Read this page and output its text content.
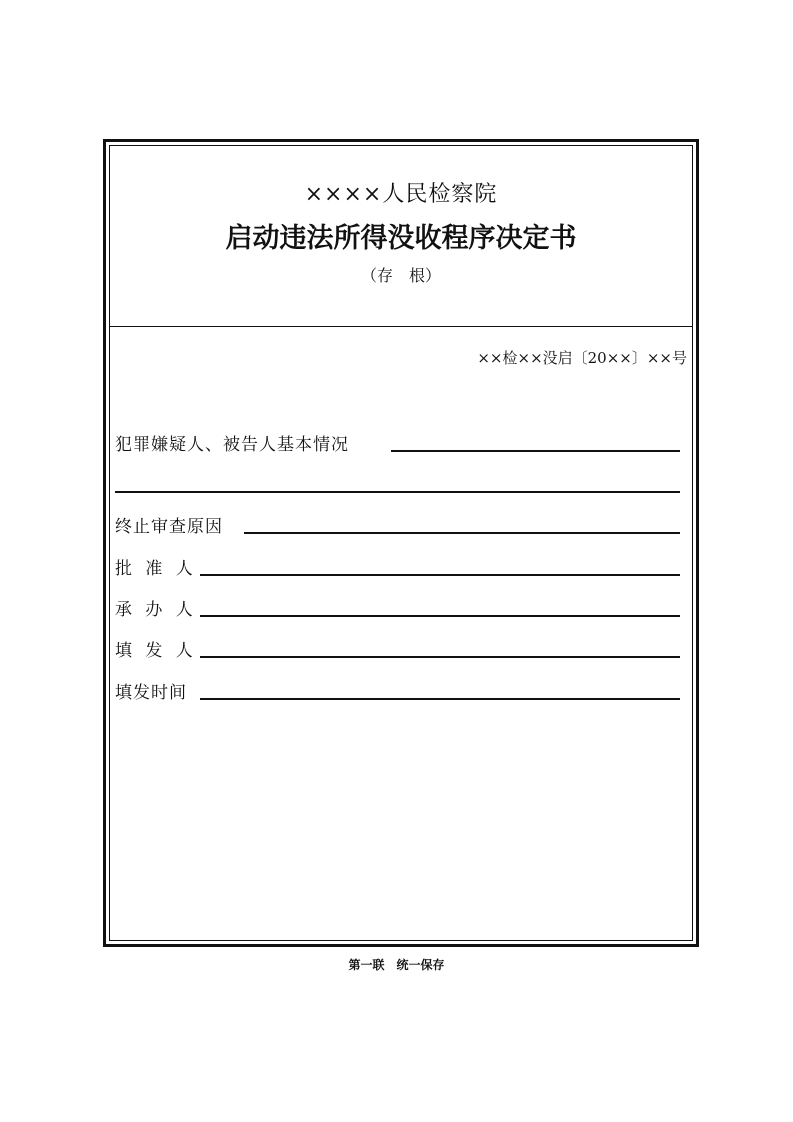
××××人民检察院
启动违法所得没收程序决定书
（存　根）
××检××没启〔20××〕××号
犯罪嫌疑人、被告人基本情况
终止审查原因
批 准 人
承 办 人
填 发 人
填发时间
第一联　统一保存
